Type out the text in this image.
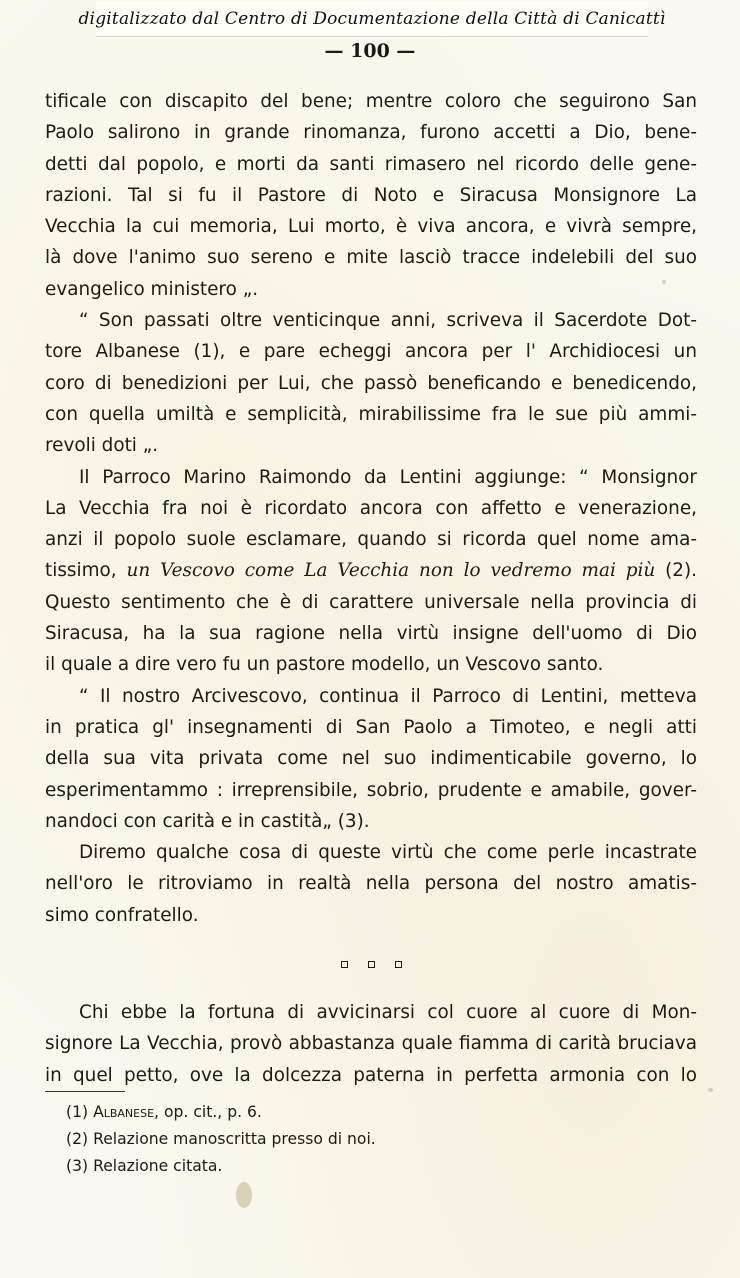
digitalizzato dal Centro di Documentazione della Città di Canicattì
— 100 —
tificale con discapito del bene; mentre coloro che seguirono San
Paolo salirono in grande rinomanza, furono accetti a Dio, bene-
detti dal popolo, e morti da santi rimasero nel ricordo delle gene-
razioni. Tal si fu il Pastore di Noto e Siracusa Monsignore La
Vecchia la cui memoria, Lui morto, è viva ancora, e vivrà sempre,
là dove l'animo suo sereno e mite lasciò tracce indelebili del suo
evangelico ministero „.
“ Son passati oltre venticinque anni, scriveva il Sacerdote Dot-
tore Albanese (1), e pare echeggi ancora per l' Archidiocesi un
coro di benedizioni per Lui, che passò beneficando e benedicendo,
con quella umiltà e semplicità, mirabilissime fra le sue più ammi-
revoli doti „.
Il Parroco Marino Raimondo da Lentini aggiunge: “ Monsignor
La Vecchia fra noi è ricordato ancora con affetto e venerazione,
anzi il popolo suole esclamare, quando si ricorda quel nome ama-
tissimo, un Vescovo come La Vecchia non lo vedremo mai più (2).
Questo sentimento che è di carattere universale nella provincia di
Siracusa, ha la sua ragione nella virtù insigne dell'uomo di Dio
il quale a dire vero fu un pastore modello, un Vescovo santo.
“ Il nostro Arcivescovo, continua il Parroco di Lentini, metteva
in pratica gl' insegnamenti di San Paolo a Timoteo, e negli atti
della sua vita privata come nel suo indimenticabile governo, lo
esperimentammo : irreprensibile, sobrio, prudente e amabile, gover-
nandoci con carità e in castità„ (3).
Diremo qualche cosa di queste virtù che come perle incastrate
nell'oro le ritroviamo in realtà nella persona del nostro amatis-
simo confratello.
Chi ebbe la fortuna di avvicinarsi col cuore al cuore di Mon-
signore La Vecchia, provò abbastanza quale fiamma di carità bruciava
in quel petto, ove la dolcezza paterna in perfetta armonia con lo
(1) Albanese, op. cit., p. 6.
(2) Relazione manoscritta presso di noi.
(3) Relazione citata.
